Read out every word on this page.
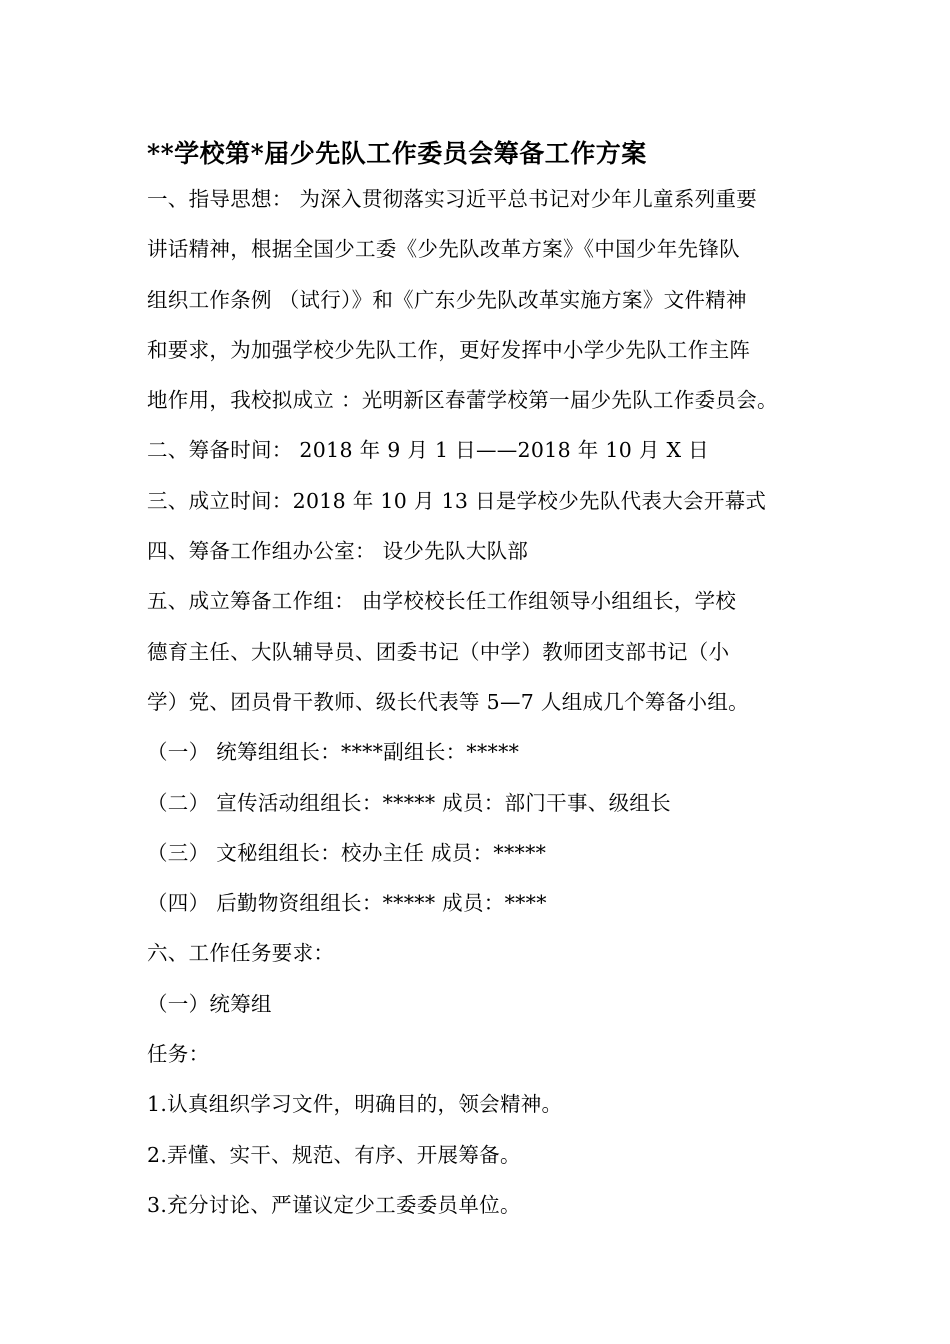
**学校第*届少先队工作委员会筹备工作方案
一、指导思想： 为深入贯彻落实习近平总书记对少年儿童系列重要
讲话精神，根据全国少工委《少先队改革方案》《中国少年先锋队
组织工作条例 （试行）》和《广东少先队改革实施方案》文件精神
和要求，为加强学校少先队工作，更好发挥中小学少先队工作主阵
地作用，我校拟成立 ：光明新区春蕾学校第一届少先队工作委员会。
二、筹备时间： 2018 年 9 月 1 日——2018 年 10 月 X 日
三、成立时间：2018 年 10 月 13 日是学校少先队代表大会开幕式
四、筹备工作组办公室： 设少先队大队部
五、成立筹备工作组： 由学校校长任工作组领导小组组长，学校
德育主任、大队辅导员、团委书记（中学）教师团支部书记（小
学）党、团员骨干教师、级长代表等 5—7 人组成几个筹备小组。
（一） 统筹组组长：****副组长：*****
（二） 宣传活动组组长：***** 成员：部门干事、级组长
（三） 文秘组组长：校办主任 成员：*****
（四） 后勤物资组组长：***** 成员：****
六、工作任务要求：
（一）统筹组
任务：
1.认真组织学习文件，明确目的，领会精神。
2.弄懂、实干、规范、有序、开展筹备。
3.充分讨论、严谨议定少工委委员单位。
